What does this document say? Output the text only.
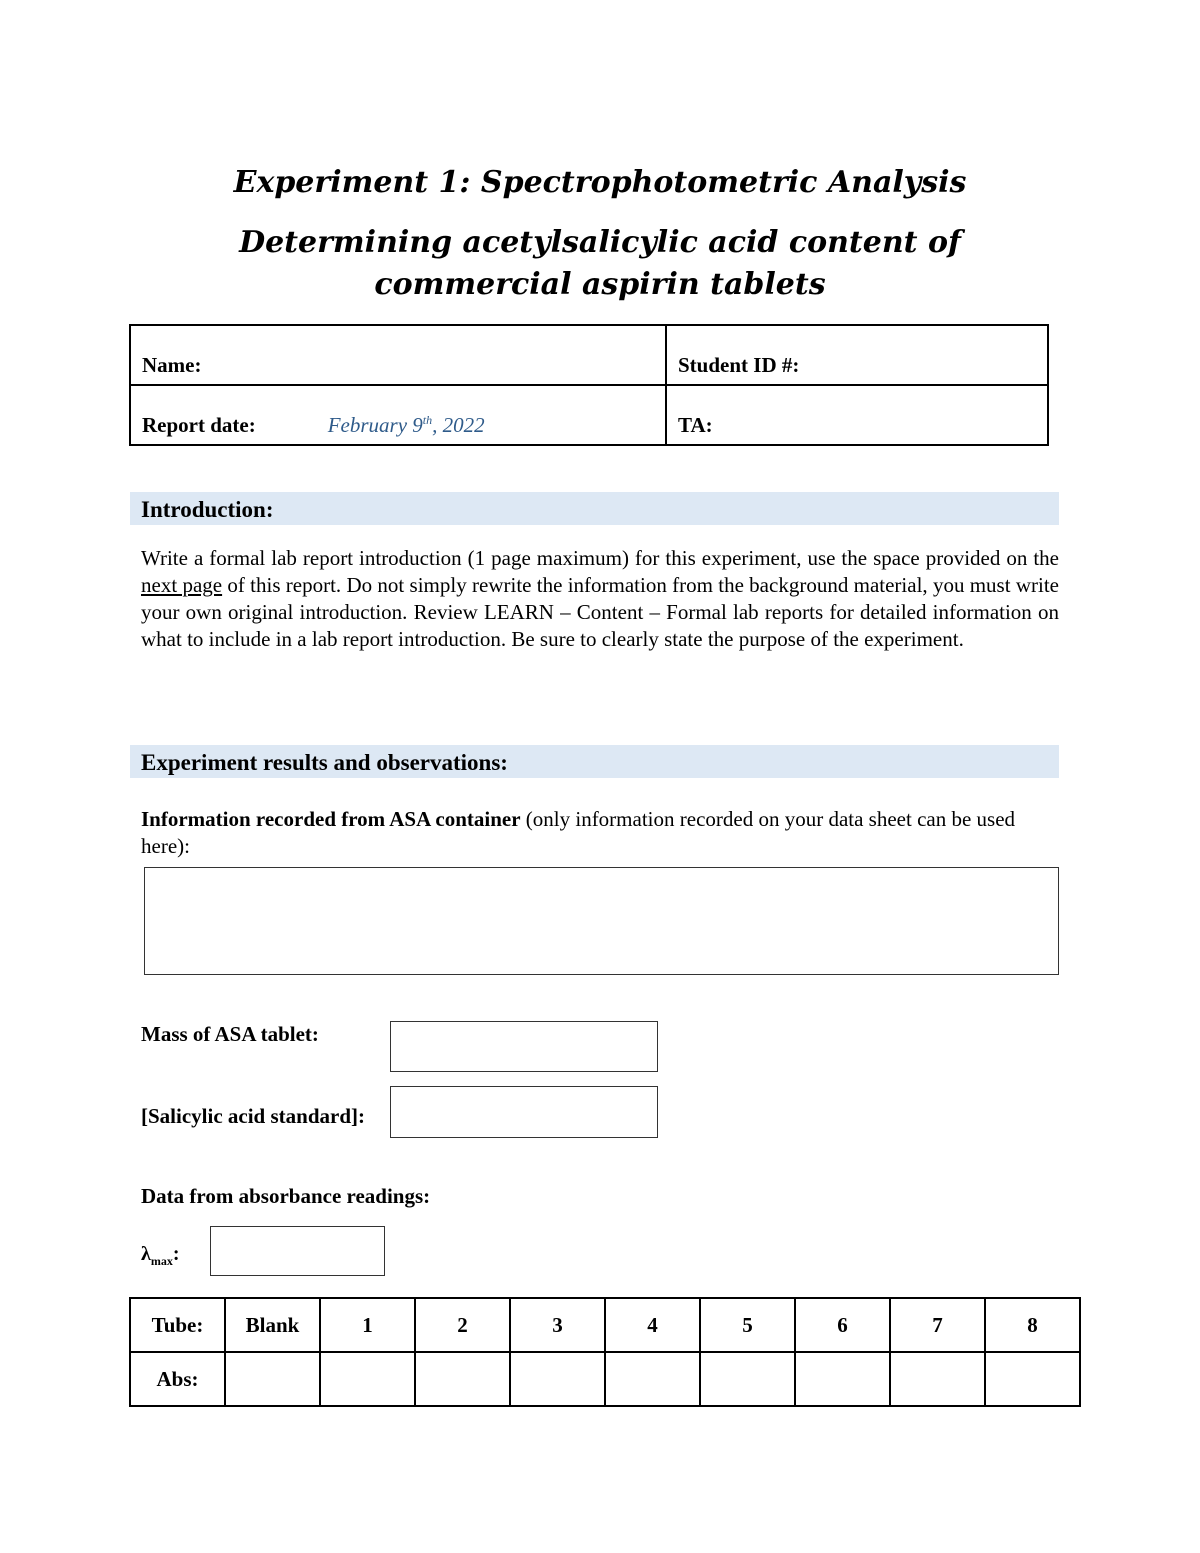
Experiment 1: Spectrophotometric Analysis
Determining acetylsalicylic acid content of commercial aspirin tablets
Name:	Student ID #:
Report date: February 9th, 2022	TA:
Introduction:

Write a formal lab report introduction (1 page maximum) for this experiment, use the space provided on the next page of this report. Do not simply rewrite the information from the background material, you must write your own original introduction. Review LEARN – Content – Formal lab reports for detailed information on what to include in a lab report introduction. Be sure to clearly state the purpose of the experiment.

Experiment results and observations:

Information recorded from ASA container (only information recorded on your data sheet can be used here):

Mass of ASA tablet:

[Salicylic acid standard]:

Data from absorbance readings:

$\lambda_{max}$:

Tube:	Blank	1	2	3	4	5	6	7	8
Abs:									
